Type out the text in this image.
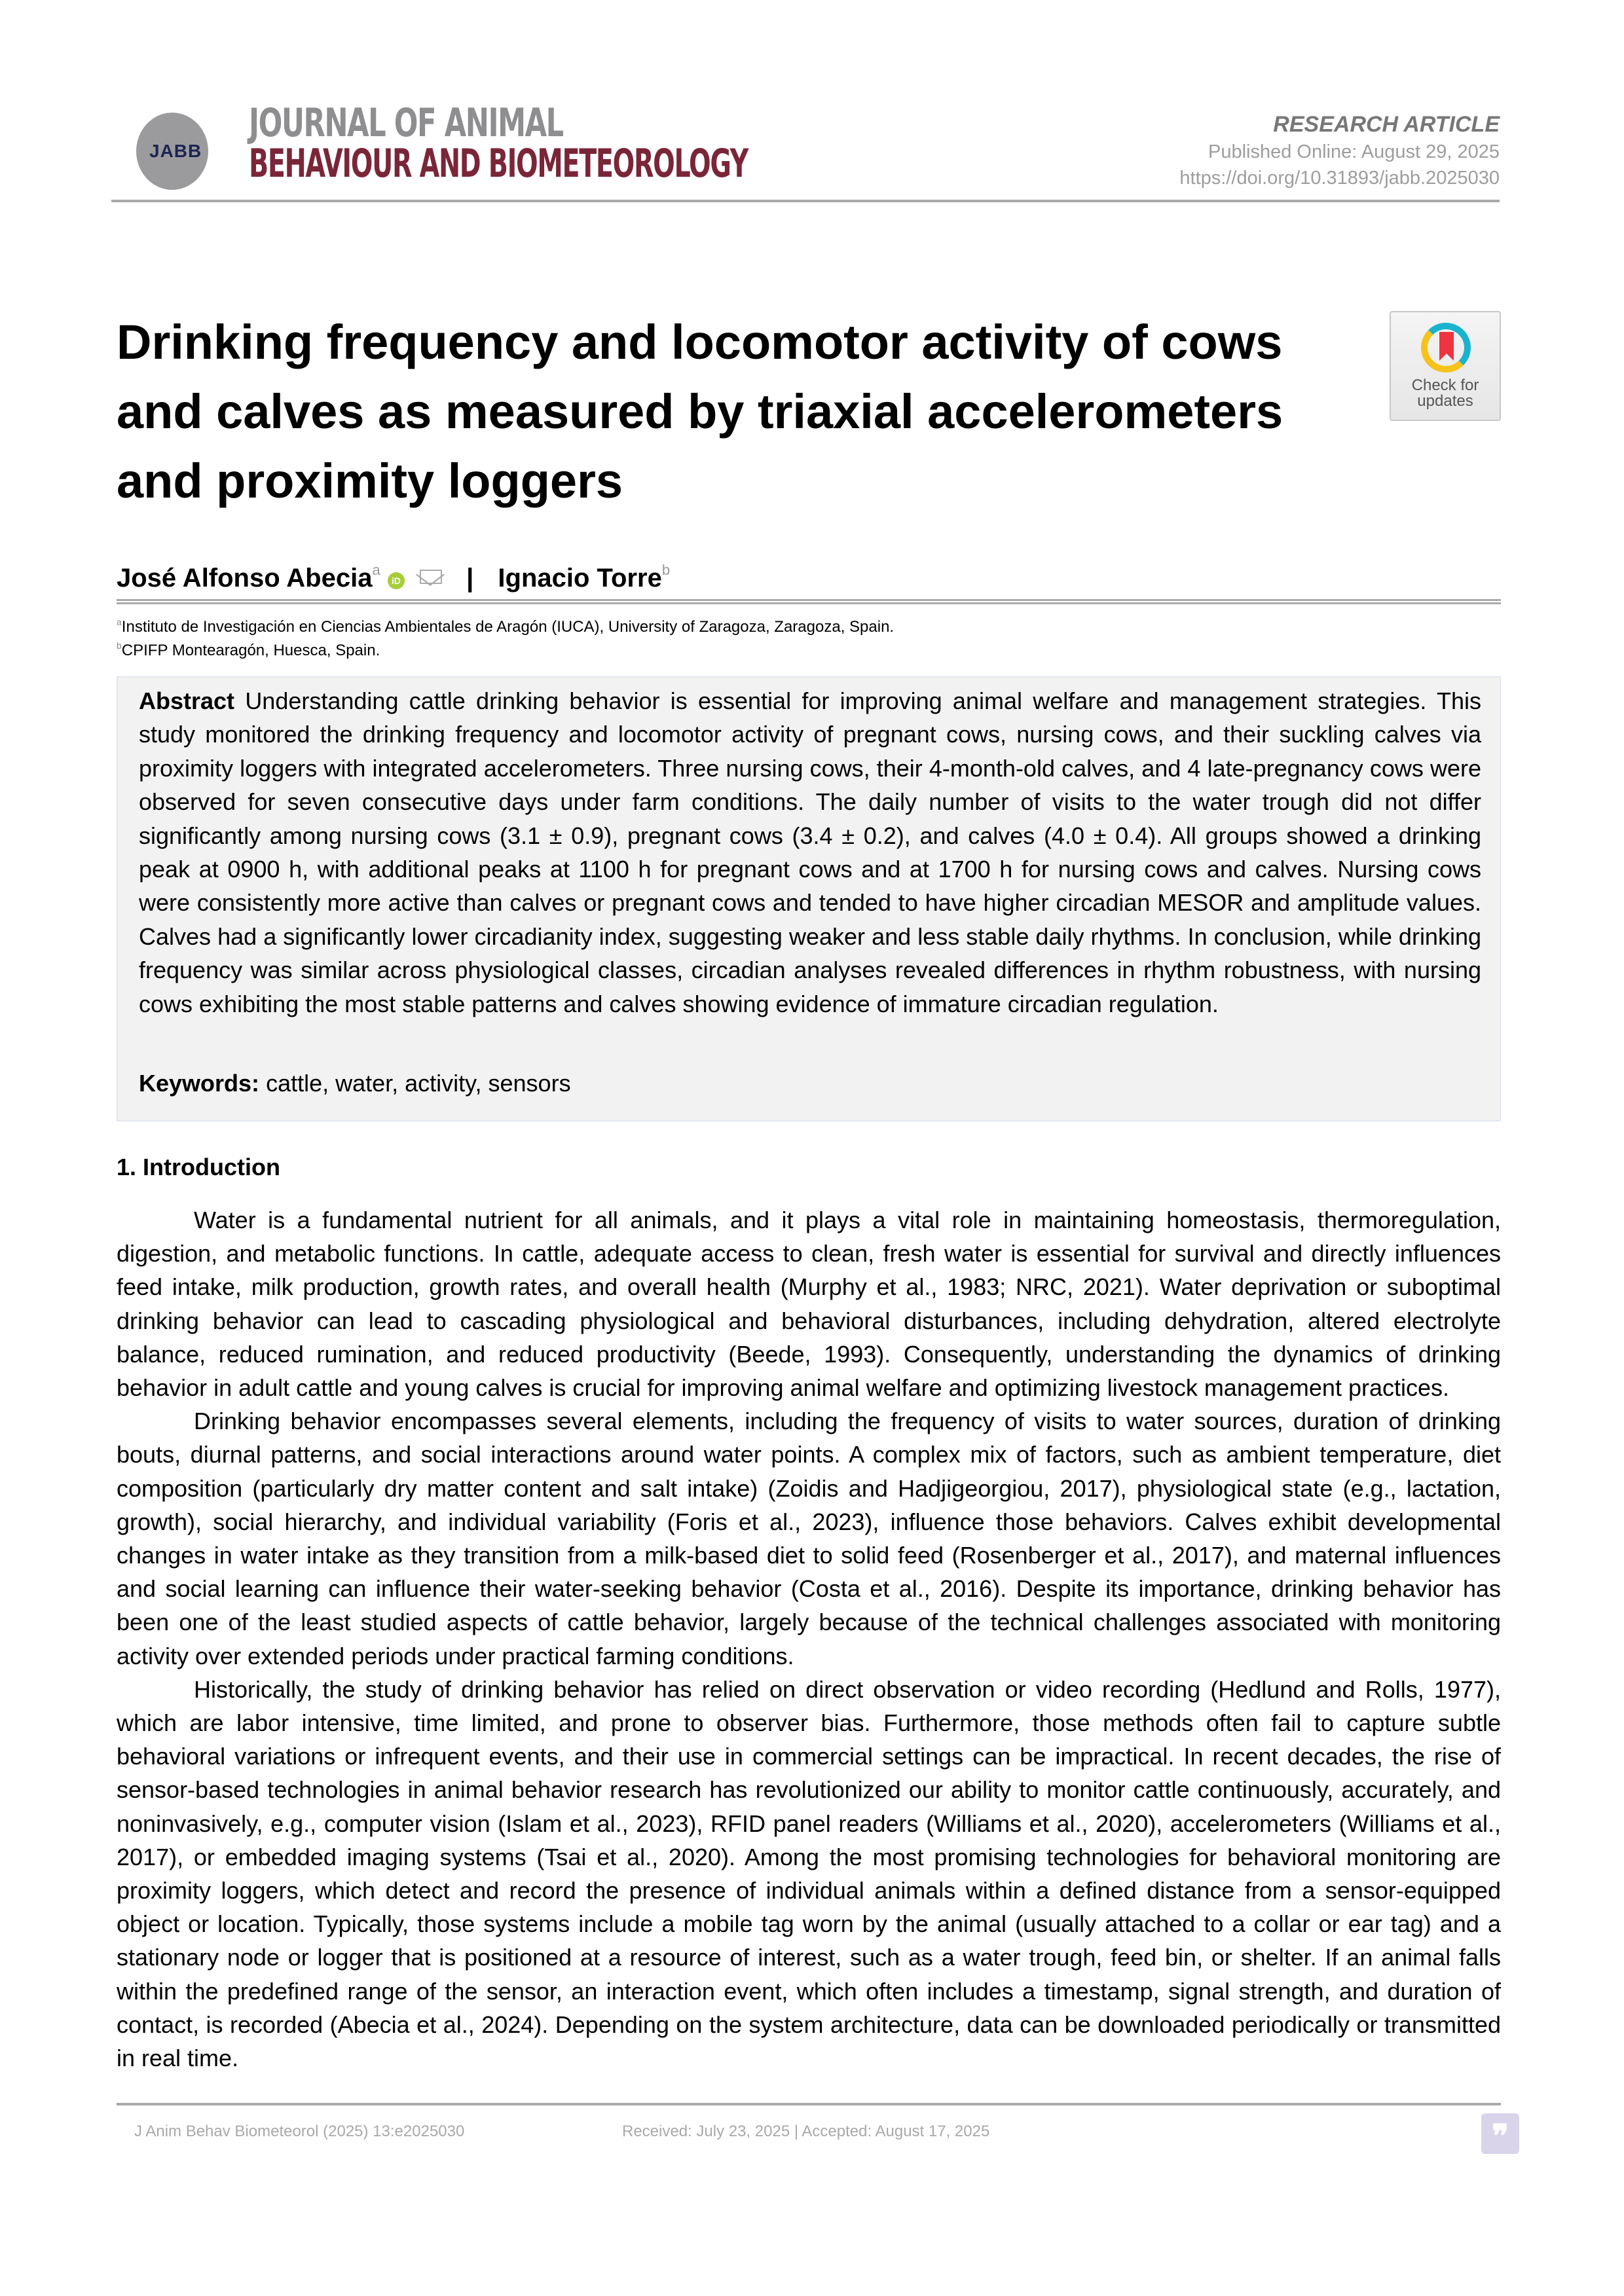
JABB
JOURNAL OF ANIMAL
BEHAVIOUR AND BIOMETEOROLOGY
RESEARCH ARTICLE
Published Online: August 29, 2025
https://doi.org/10.31893/jabb.2025030
Drinking frequency and locomotor activity of cows and calves as measured by triaxial accelerometers and proximity loggers
Check for
updates
José Alfonso Abecia$^a$ iD	| Ignacio Torre$^b$
$^a$Instituto de Investigación en Ciencias Ambientales de Aragón (IUCA), University of Zaragoza, Zaragoza, Spain.
$^b$CPIFP Montearagón, Huesca, Spain.
Abstract Understanding cattle drinking behavior is essential for improving animal welfare and management strategies. This study monitored the drinking frequency and locomotor activity of pregnant cows, nursing cows, and their suckling calves via proximity loggers with integrated accelerometers. Three nursing cows, their 4-month-old calves, and 4 late-pregnancy cows were observed for seven consecutive days under farm conditions. The daily number of visits to the water trough did not differ significantly among nursing cows (3.1 ± 0.9), pregnant cows (3.4 ± 0.2), and calves (4.0 ± 0.4). All groups showed a drinking peak at 0900 h, with additional peaks at 1100 h for pregnant cows and at 1700 h for nursing cows and calves. Nursing cows were consistently more active than calves or pregnant cows and tended to have higher circadian MESOR and amplitude values. Calves had a significantly lower circadianity index, suggesting weaker and less stable daily rhythms. In conclusion, while drinking frequency was similar across physiological classes, circadian analyses revealed differences in rhythm robustness, with nursing cows exhibiting the most stable patterns and calves showing evidence of immature circadian regulation.
Keywords: cattle, water, activity, sensors
1. Introduction

Water is a fundamental nutrient for all animals, and it plays a vital role in maintaining homeostasis, thermoregulation, digestion, and metabolic functions. In cattle, adequate access to clean, fresh water is essential for survival and directly influences feed intake, milk production, growth rates, and overall health (Murphy et al., 1983; NRC, 2021). Water deprivation or suboptimal drinking behavior can lead to cascading physiological and behavioral disturbances, including dehydration, altered electrolyte balance, reduced rumination, and reduced productivity (Beede, 1993). Consequently, understanding the dynamics of drinking behavior in adult cattle and young calves is crucial for improving animal welfare and optimizing livestock management practices.

Drinking behavior encompasses several elements, including the frequency of visits to water sources, duration of drinking bouts, diurnal patterns, and social interactions around water points. A complex mix of factors, such as ambient temperature, diet composition (particularly dry matter content and salt intake) (Zoidis and Hadjigeorgiou, 2017), physiological state (e.g., lactation, growth), social hierarchy, and individual variability (Foris et al., 2023), influence those behaviors. Calves exhibit developmental changes in water intake as they transition from a milk-based diet to solid feed (Rosenberger et al., 2017), and maternal influences and social learning can influence their water-seeking behavior (Costa et al., 2016). Despite its importance, drinking behavior has been one of the least studied aspects of cattle behavior, largely because of the technical challenges associated with monitoring activity over extended periods under practical farming conditions.

Historically, the study of drinking behavior has relied on direct observation or video recording (Hedlund and Rolls, 1977), which are labor intensive, time limited, and prone to observer bias. Furthermore, those methods often fail to capture subtle behavioral variations or infrequent events, and their use in commercial settings can be impractical. In recent decades, the rise of sensor-based technologies in animal behavior research has revolutionized our ability to monitor cattle continuously, accurately, and noninvasively, e.g., computer vision (Islam et al., 2023), RFID panel readers (Williams et al., 2020), accelerometers (Williams et al., 2017), or embedded imaging systems (Tsai et al., 2020). Among the most promising technologies for behavioral monitoring are proximity loggers, which detect and record the presence of individual animals within a defined distance from a sensor-equipped object or location. Typically, those systems include a mobile tag worn by the animal (usually attached to a collar or ear tag) and a stationary node or logger that is positioned at a resource of interest, such as a water trough, feed bin, or shelter. If an animal falls within the predefined range of the sensor, an interaction event, which often includes a timestamp, signal strength, and duration of contact, is recorded (Abecia et al., 2024). Depending on the system architecture, data can be downloaded periodically or transmitted in real time.

J Anim Behav Biometeorol (2025) 13:e2025030	Received: July 23, 2025 | Accepted: August 17, 2025	❞
